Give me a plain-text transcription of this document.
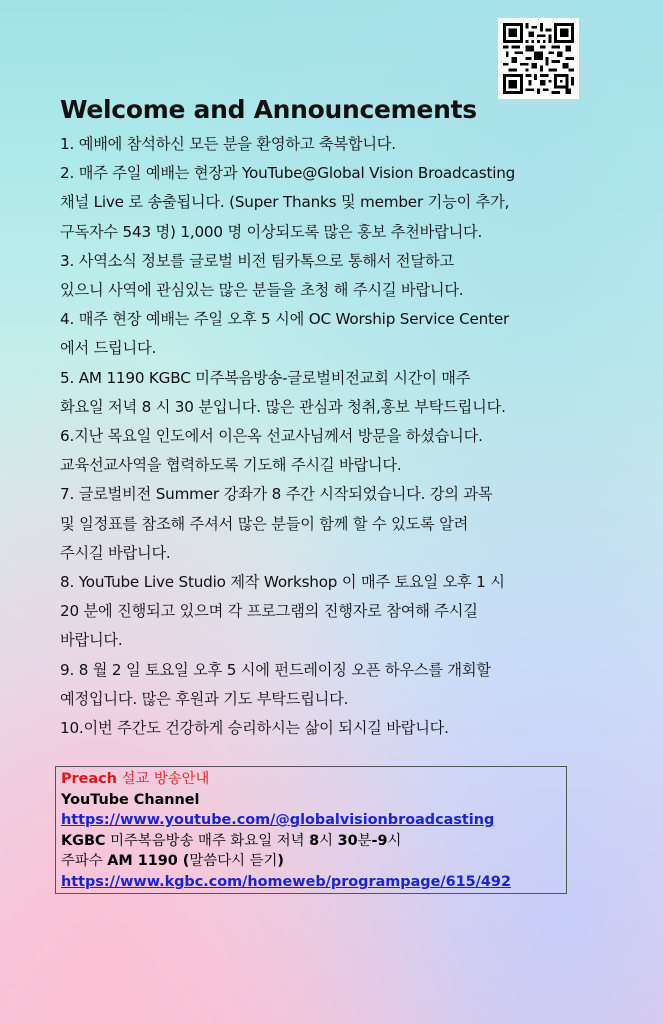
Welcome and Announcements

1. 예배에 참석하신 모든 분을 환영하고 축복합니다.

2. 매주 주일 예배는 현장과 YouTube@Global Vision Broadcasting

채널 Live 로 송출됩니다. (Super Thanks 및 member 기능이 추가,

구독자수 543 명) 1,000 명 이상되도록 많은 홍보 추천바랍니다.

3. 사역소식 정보를 글로벌 비전 팀카톡으로 통해서 전달하고

있으니 사역에 관심있는 많은 분들을 초청 해 주시길 바랍니다.

4. 매주 현장 예배는 주일 오후 5 시에 OC Worship Service Center

에서 드립니다.

5. AM 1190 KGBC 미주복음방송-글로벌비전교회 시간이 매주

화요일 저녁 8 시 30 분입니다. 많은 관심과 청취,홍보 부탁드립니다.

6.지난 목요일 인도에서 이은옥 선교사님께서 방문을 하셨습니다.

교육선교사역을 협력하도록 기도해 주시길 바랍니다.

7. 글로벌비전 Summer 강좌가 8 주간 시작되었습니다. 강의 과목

및 일정표를 참조해 주셔서 많은 분들이 함께 할 수 있도록 알려

주시길 바랍니다.

8. YouTube Live Studio 제작 Workshop 이 매주 토요일 오후 1 시

20 분에 진행되고 있으며 각 프로그램의 진행자로 참여해 주시길

바랍니다.

9. 8 월 2 일 토요일 오후 5 시에 펀드레이징 오픈 하우스를 개회할

예정입니다. 많은 후원과 기도 부탁드립니다.

10.이번 주간도 건강하게 승리하시는 삶이 되시길 바랍니다.

Preach 설교 방송안내
YouTube Channel
https://www.youtube.com/@globalvisionbroadcasting
KGBC 미주복음방송 매주 화요일 저녁 8시 30분-9시
주파수 AM 1190 (말씀다시 듣기)
https://www.kgbc.com/homeweb/programpage/615/492
